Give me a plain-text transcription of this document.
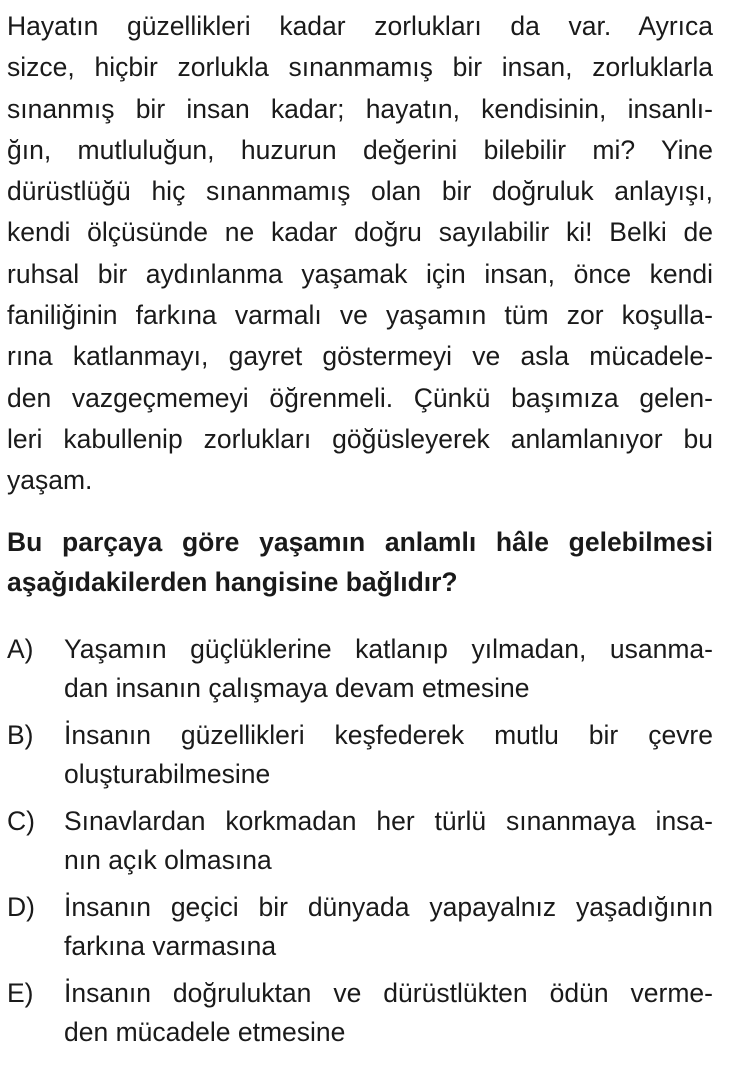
Hayatın güzellikleri kadar zorlukları da var. Ayrıca
sizce, hiçbir zorlukla sınanmamış bir insan, zorluklarla
sınanmış bir insan kadar; hayatın, kendisinin, insanlı-
ğın, mutluluğun, huzurun değerini bilebilir mi? Yine
dürüstlüğü hiç sınanmamış olan bir doğruluk anlayışı,
kendi ölçüsünde ne kadar doğru sayılabilir ki! Belki de
ruhsal bir aydınlanma yaşamak için insan, önce kendi
faniliğinin farkına varmalı ve yaşamın tüm zor koşulla-
rına katlanmayı, gayret göstermeyi ve asla mücadele-
den vazgeçmemeyi öğrenmeli. Çünkü başımıza gelen-
leri kabullenip zorlukları göğüsleyerek anlamlanıyor bu
yaşam.
Bu parçaya göre yaşamın anlamlı hâle gelebilmesi
aşağıdakilerden hangisine bağlıdır?
A) Yaşamın güçlüklerine katlanıp yılmadan, usanma-
dan insanın çalışmaya devam etmesine
B) İnsanın güzellikleri keşfederek mutlu bir çevre
oluşturabilmesine
C) Sınavlardan korkmadan her türlü sınanmaya insa-
nın açık olmasına
D) İnsanın geçici bir dünyada yapayalnız yaşadığının
farkına varmasına
E) İnsanın doğruluktan ve dürüstlükten ödün verme-
den mücadele etmesine
